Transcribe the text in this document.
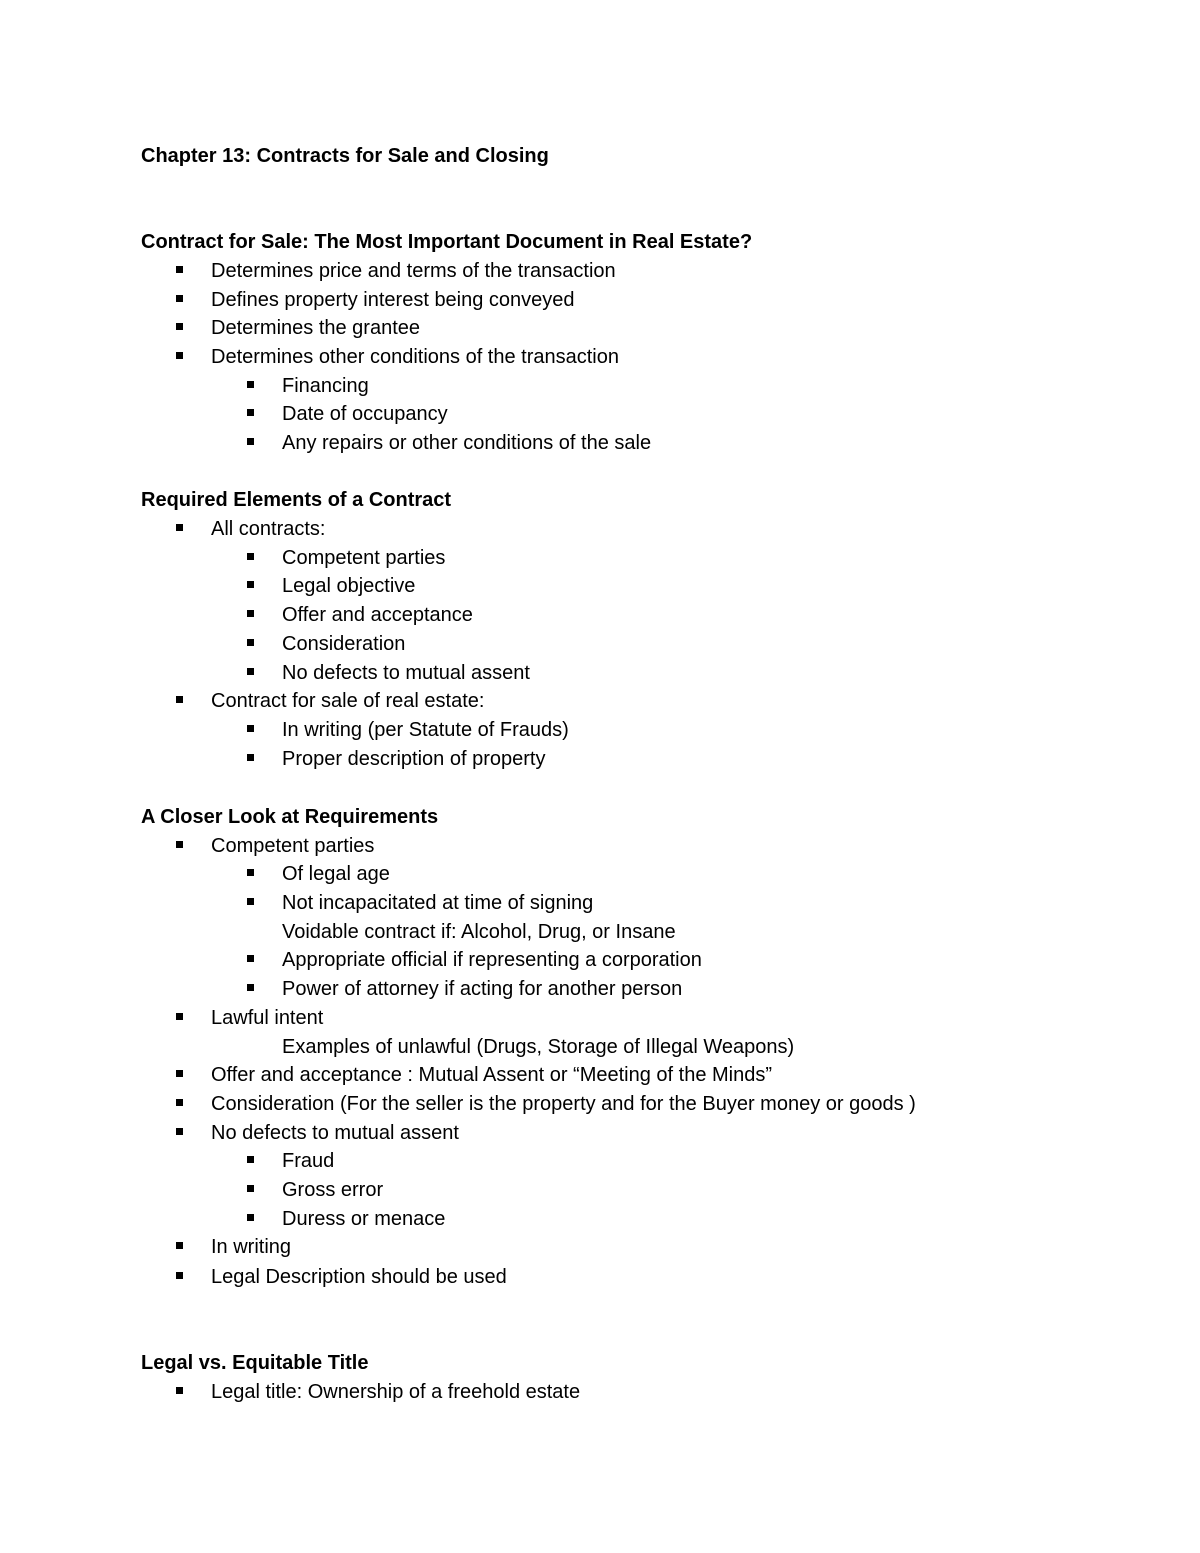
Chapter 13: Contracts for Sale and Closing
Contract for Sale: The Most Important Document in Real Estate?
Determines price and terms of the transaction
Defines property interest being conveyed
Determines the grantee
Determines other conditions of the transaction
Financing
Date of occupancy
Any repairs or other conditions of the sale
Required Elements of a Contract
All contracts:
Competent parties
Legal objective
Offer and acceptance
Consideration
No defects to mutual assent
Contract for sale of real estate:
In writing (per Statute of Frauds)
Proper description of property
A Closer Look at Requirements
Competent parties
Of legal age
Not incapacitated at time of signing
Voidable contract if: Alcohol, Drug, or Insane
Appropriate official if representing a corporation
Power of attorney if acting for another person
Lawful intent
Examples of unlawful (Drugs, Storage of Illegal Weapons)
Offer and acceptance : Mutual Assent or “Meeting of the Minds”
Consideration (For the seller is the property and for the Buyer money or goods )
No defects to mutual assent
Fraud
Gross error
Duress or menace
In writing
Legal Description should be used
Legal vs. Equitable Title
Legal title: Ownership of a freehold estate
